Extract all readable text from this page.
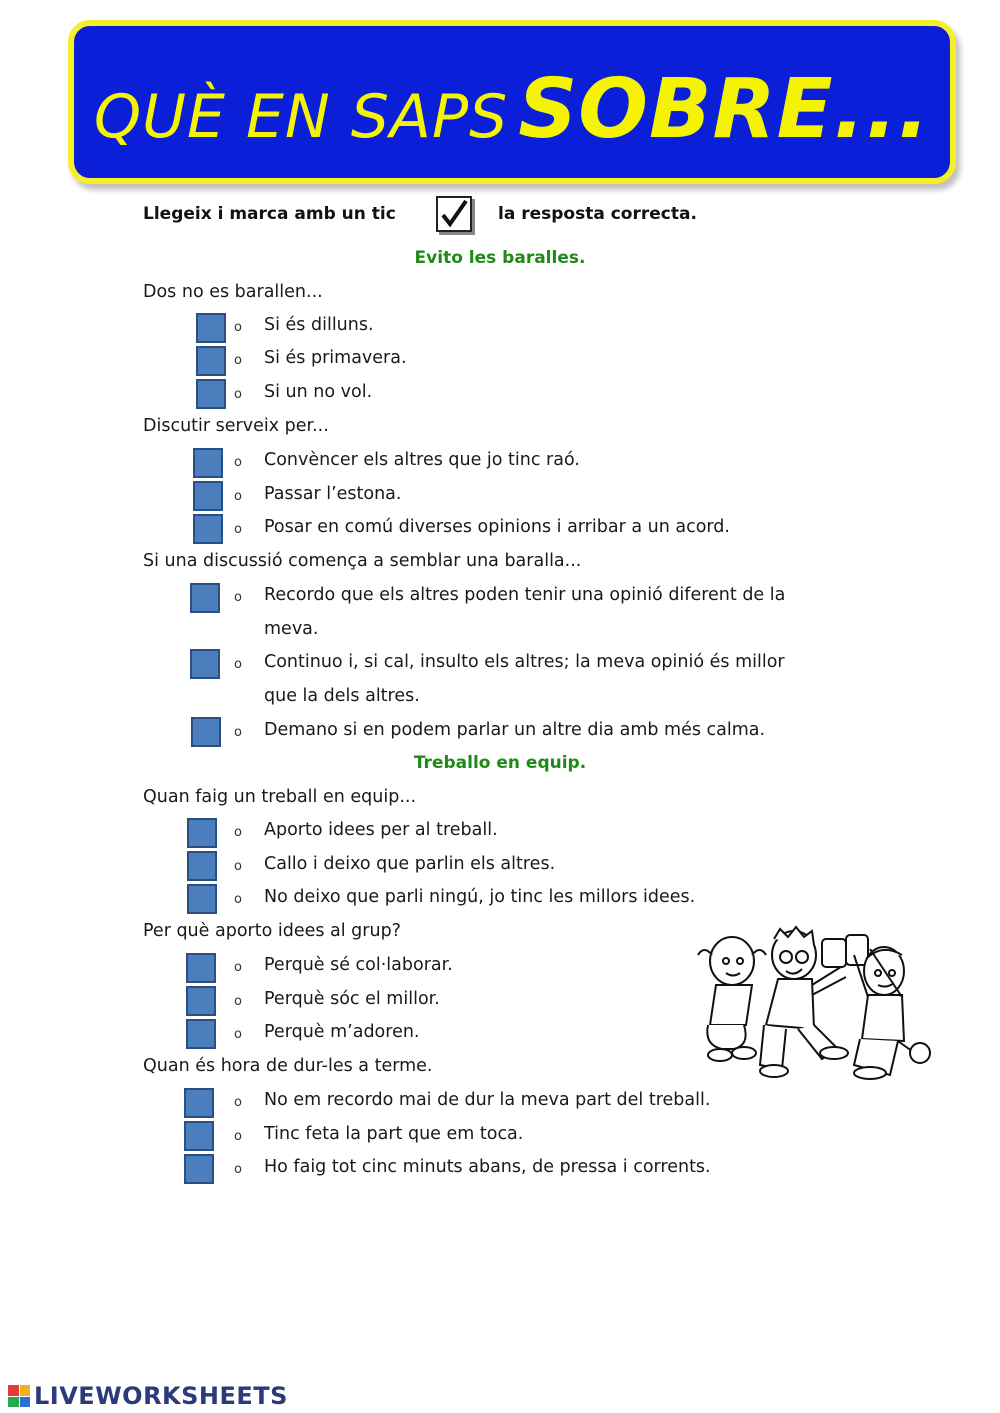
QUÈ EN SAPS SOBRE...
Llegeix i marca amb un tic	la resposta correcta.
Evito les baralles.
Dos no es barallen...
o Si és dilluns.
o Si és primavera.
o Si un no vol.
Discutir serveix per...
o Convèncer els altres que jo tinc raó.
o Passar l’estona.
o Posar en comú diverses opinions i arribar a un acord.
Si una discussió comença a semblar una baralla...
o Recordo que els altres poden tenir una opinió diferent de la
meva.
o Continuo i, si cal, insulto els altres; la meva opinió és millor
que la dels altres.
o Demano si en podem parlar un altre dia amb més calma.
Treballo en equip.
Quan faig un treball en equip...
o Aporto idees per al treball.
o Callo i deixo que parlin els altres.
o No deixo que parli ningú, jo tinc les millors idees.
Per què aporto idees al grup?
o Perquè sé col·laborar.
o Perquè sóc el millor.
o Perquè m’adoren.
Quan és hora de dur-les a terme.
o No em recordo mai de dur la meva part del treball.
o Tinc feta la part que em toca.
o Ho faig tot cinc minuts abans, de pressa i corrents.
LIVEWORKSHEETS
